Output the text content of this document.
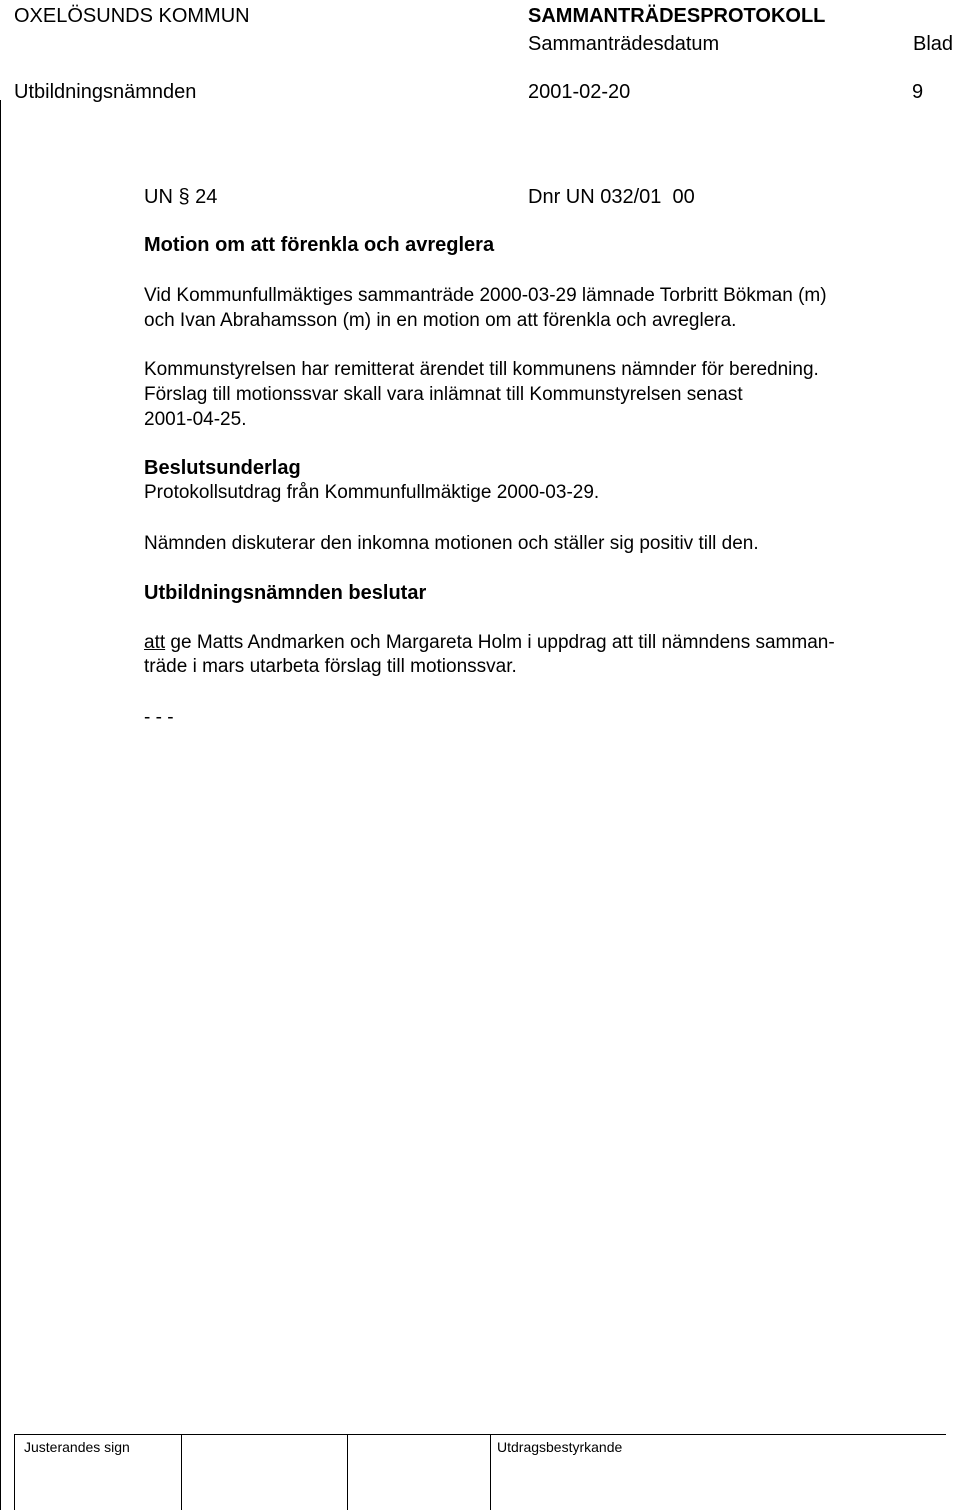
OXELÖSUNDS KOMMUN	SAMMANTRÄDESPROTOKOLL
Sammanträdesdatum	Blad
Utbildningsnämnden	2001-02-20	9
UN § 24	Dnr UN 032/01  00
Motion om att förenkla och avreglera
Vid Kommunfullmäktiges sammanträde 2000-03-29 lämnade Torbritt Bökman (m)
och Ivan Abrahamsson (m) in en motion om att förenkla och avreglera.
Kommunstyrelsen har remitterat ärendet till kommunens nämnder för beredning.
Förslag till motionssvar skall vara inlämnat till Kommunstyrelsen senast
2001-04-25.
Beslutsunderlag
Protokollsutdrag från Kommunfullmäktige 2000-03-29.
Nämnden diskuterar den inkomna motionen och ställer sig positiv till den.
Utbildningsnämnden beslutar
att ge Matts Andmarken och Margareta Holm i uppdrag att till nämndens samman-
träde i mars utarbeta förslag till motionssvar.
- - -
Justerandes sign	Utdragsbestyrkande
